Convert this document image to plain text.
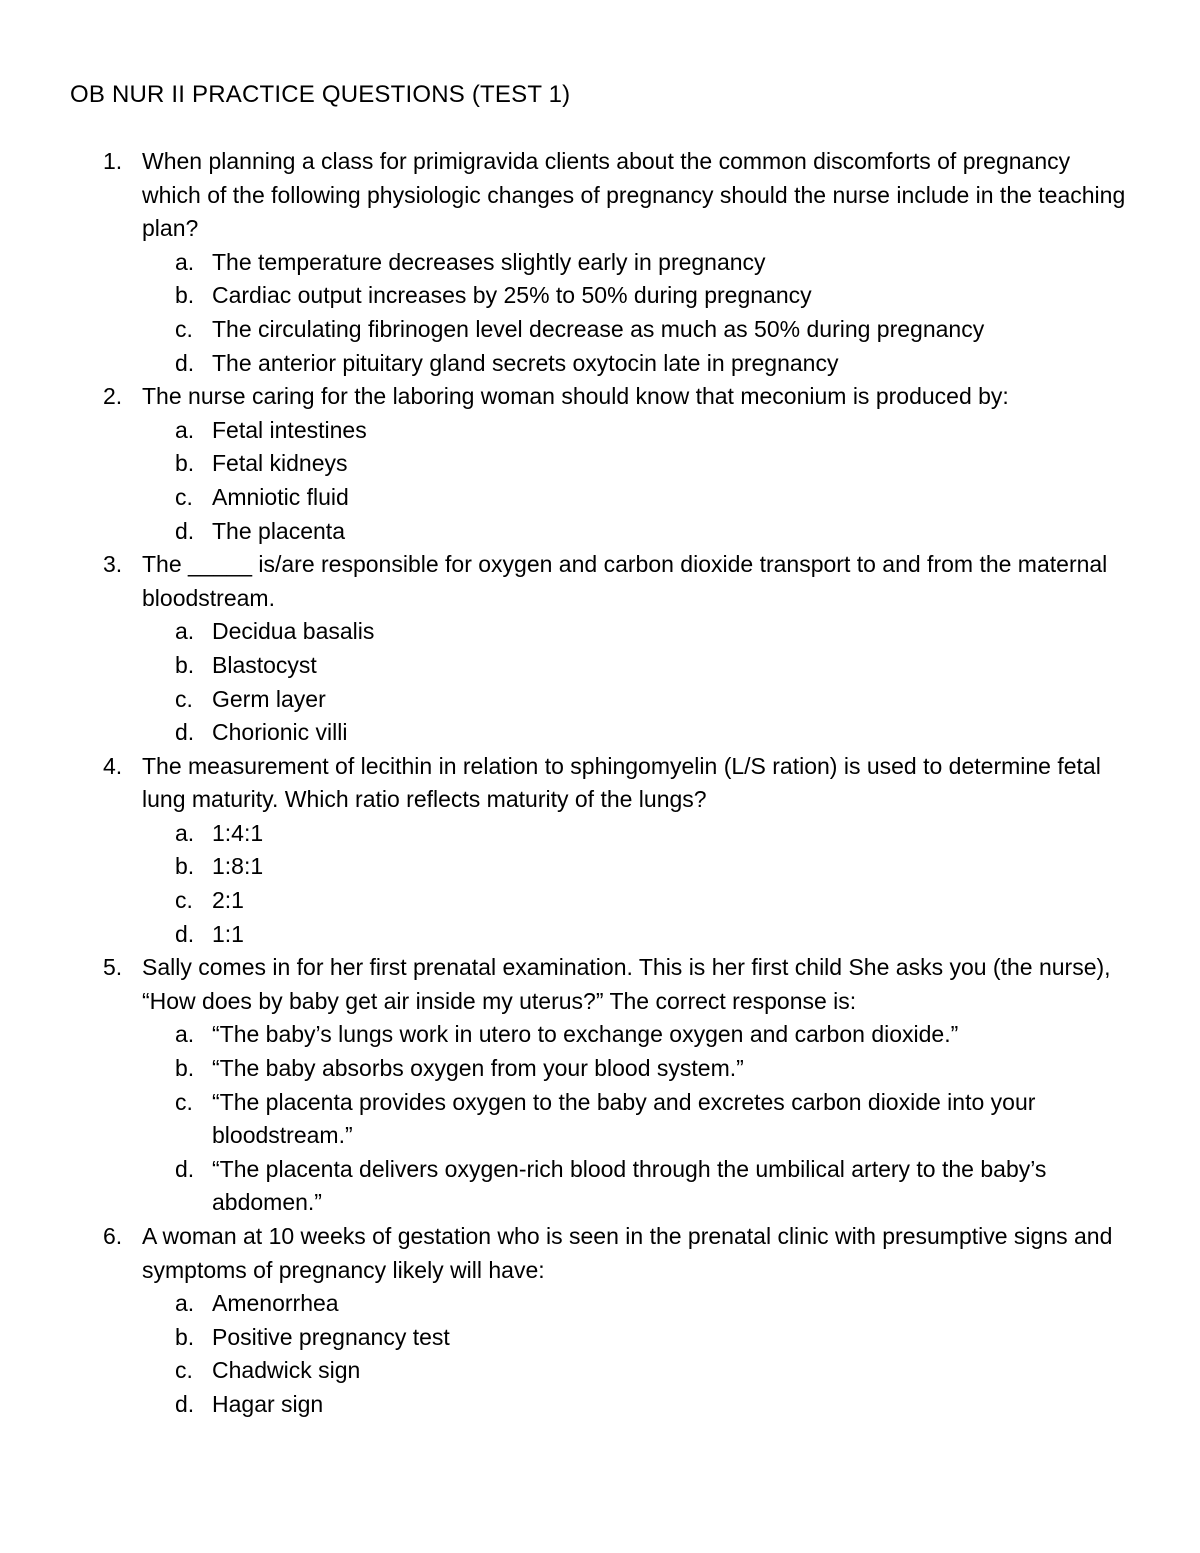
OB NUR II PRACTICE QUESTIONS (TEST 1)
1. When planning a class for primigravida clients about the common discomforts of pregnancy which of the following physiologic changes of pregnancy should the nurse include in the teaching plan?
a. The temperature decreases slightly early in pregnancy
b. Cardiac output increases by 25% to 50% during pregnancy
c. The circulating fibrinogen level decrease as much as 50% during pregnancy
d. The anterior pituitary gland secrets oxytocin late in pregnancy
2. The nurse caring for the laboring woman should know that meconium is produced by:
a. Fetal intestines
b. Fetal kidneys
c. Amniotic fluid
d. The placenta
3. The _____ is/are responsible for oxygen and carbon dioxide transport to and from the maternal bloodstream.
a. Decidua basalis
b. Blastocyst
c. Germ layer
d. Chorionic villi
4. The measurement of lecithin in relation to sphingomyelin (L/S ration) is used to determine fetal lung maturity. Which ratio reflects maturity of the lungs?
a. 1:4:1
b. 1:8:1
c. 2:1
d. 1:1
5. Sally comes in for her first prenatal examination. This is her first child She asks you (the nurse), “How does by baby get air inside my uterus?” The correct response is:
a. “The baby’s lungs work in utero to exchange oxygen and carbon dioxide.”
b. “The baby absorbs oxygen from your blood system.”
c. “The placenta provides oxygen to the baby and excretes carbon dioxide into your bloodstream.”
d. “The placenta delivers oxygen-rich blood through the umbilical artery to the baby’s abdomen.”
6. A woman at 10 weeks of gestation who is seen in the prenatal clinic with presumptive signs and symptoms of pregnancy likely will have:
a. Amenorrhea
b. Positive pregnancy test
c. Chadwick sign
d. Hagar sign
